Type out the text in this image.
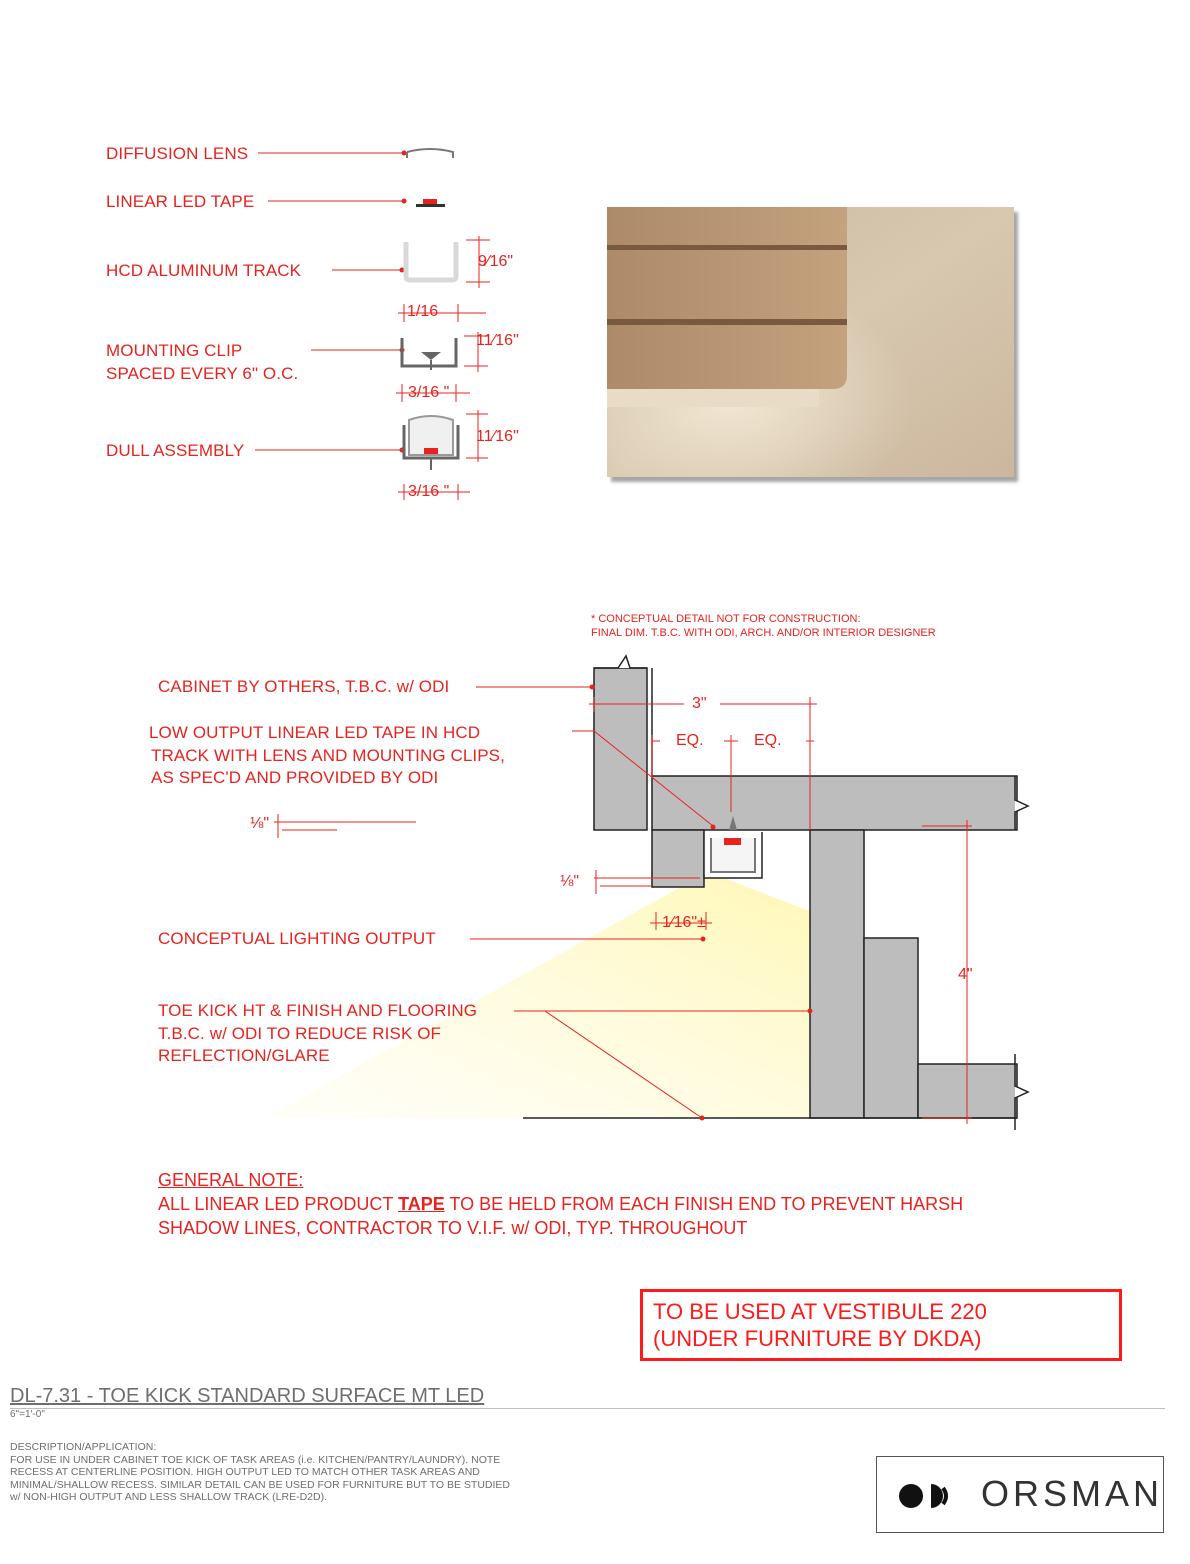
DIFFUSION LENS
LINEAR LED TAPE
HCD ALUMINUM TRACK
MOUNTING CLIP
SPACED EVERY 6" O.C.
DULL ASSEMBLY
9⁄16"
1/16
11⁄16"
3/16 "
11⁄16"
3/16 "
* CONCEPTUAL DETAIL NOT FOR CONSTRUCTION:
FINAL DIM. T.B.C. WITH ODI, ARCH. AND/OR INTERIOR DESIGNER
CABINET BY OTHERS, T.B.C. w/ ODI
LOW OUTPUT LINEAR LED TAPE IN HCD
TRACK WITH LENS AND MOUNTING CLIPS,
AS SPEC'D AND PROVIDED BY ODI
CONCEPTUAL LIGHTING OUTPUT
TOE KICK HT & FINISH AND FLOORING
T.B.C. w/ ODI TO REDUCE RISK OF
REFLECTION/GLARE
3"
EQ.	EQ.
⅛"
⅛"
1⁄16"±
4"
GENERAL NOTE:
ALL LINEAR LED PRODUCT TAPE TO BE HELD FROM EACH FINISH END TO PREVENT HARSH
SHADOW LINES, CONTRACTOR TO V.I.F. w/ ODI, TYP. THROUGHOUT
TO BE USED AT VESTIBULE 220
(UNDER FURNITURE BY DKDA)
DL-7.31 - TOE KICK STANDARD SURFACE MT LED
6"=1'-0"
DESCRIPTION/APPLICATION:
FOR USE IN UNDER CABINET TOE KICK OF TASK AREAS (i.e. KITCHEN/PANTRY/LAUNDRY). NOTE
RECESS AT CENTERLINE POSITION. HIGH OUTPUT LED TO MATCH OTHER TASK AREAS AND
MINIMAL/SHALLOW RECESS. SIMILAR DETAIL CAN BE USED FOR FURNITURE BUT TO BE STUDIED
w/ NON-HIGH OUTPUT AND LESS SHALLOW TRACK (LRE-D2D).	ORSMAN
